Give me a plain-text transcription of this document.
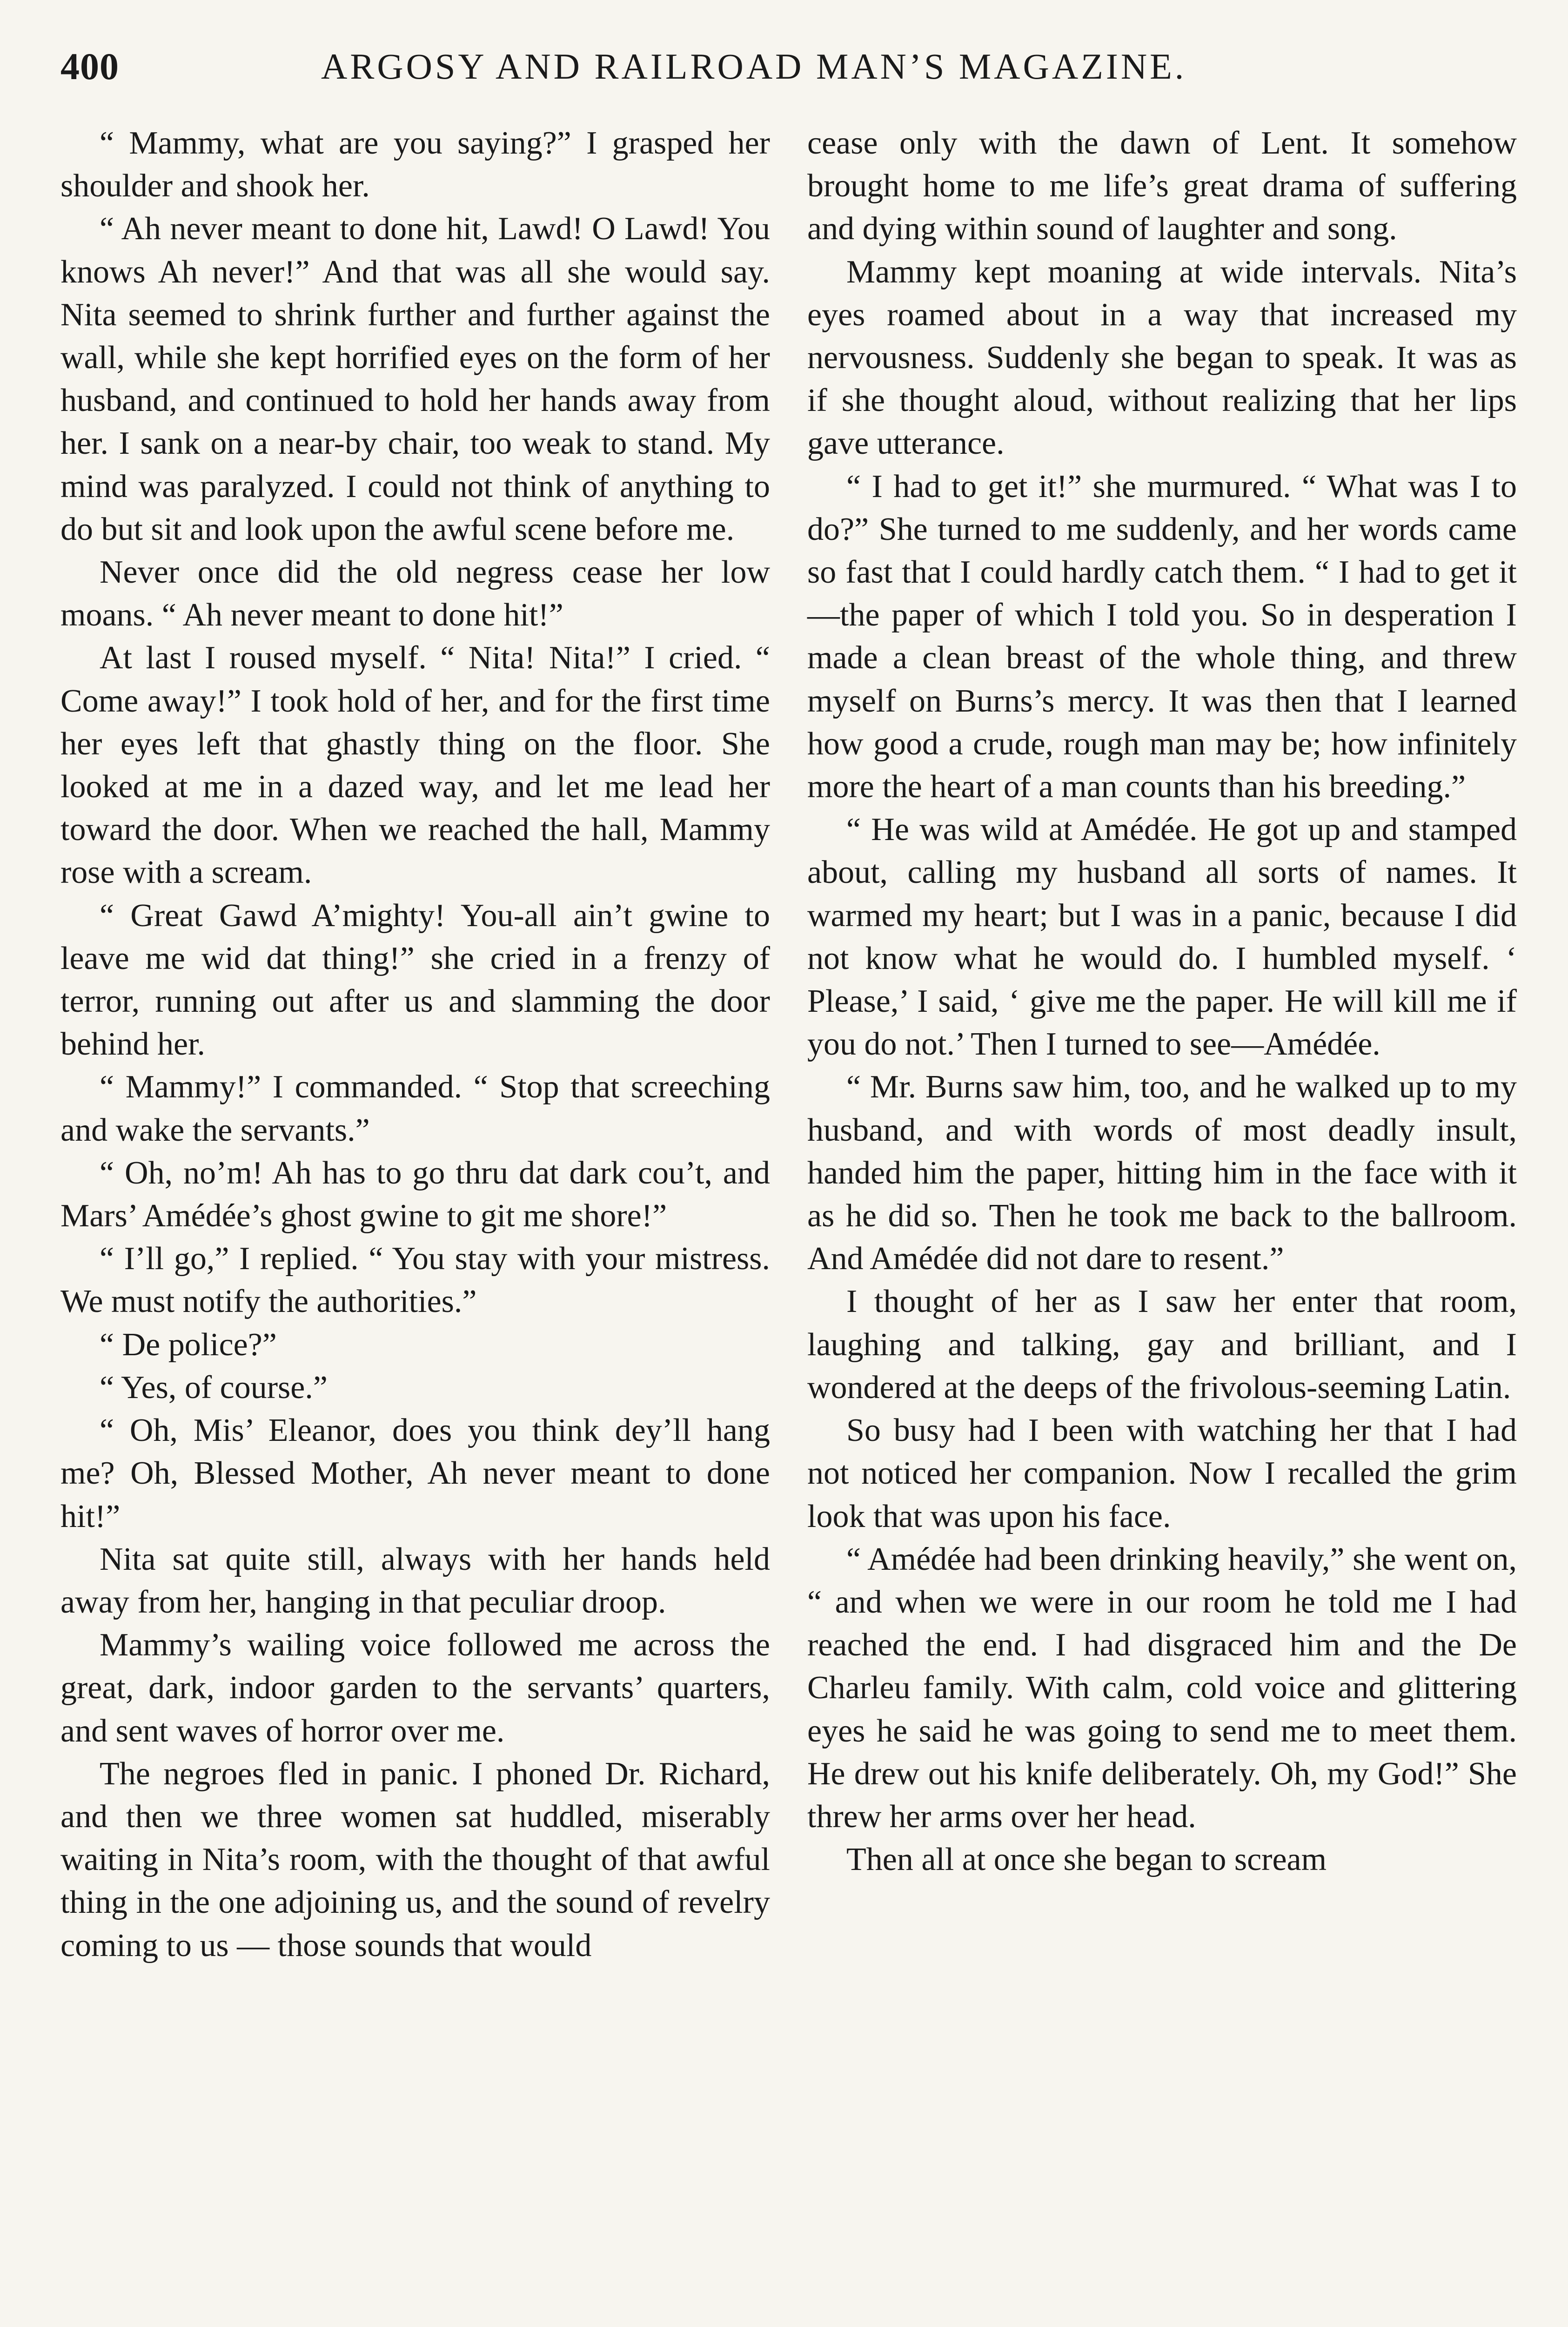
400	ARGOSY AND RAILROAD MAN’S MAGAZINE.

“ Mammy, what are you saying?” I grasped her shoulder and shook her.

“ Ah never meant to done hit, Lawd! O Lawd! You knows Ah never!” And that was all she would say. Nita seemed to shrink further and further against the wall, while she kept horrified eyes on the form of her husband, and continued to hold her hands away from her. I sank on a near-by chair, too weak to stand. My mind was paralyzed. I could not think of anything to do but sit and look upon the awful scene before me.

Never once did the old negress cease her low moans. “ Ah never meant to done hit!”

At last I roused myself. “ Nita! Nita!” I cried. “ Come away!” I took hold of her, and for the first time her eyes left that ghastly thing on the floor. She looked at me in a dazed way, and let me lead her toward the door. When we reached the hall, Mammy rose with a scream.

“ Great Gawd A’mighty! You-all ain’t gwine to leave me wid dat thing!” she cried in a frenzy of terror, running out after us and slamming the door behind her.

“ Mammy!” I commanded. “ Stop that screeching and wake the servants.”

“ Oh, no’m! Ah has to go thru dat dark cou’t, and Mars’ Amédée’s ghost gwine to git me shore!”

“ I’ll go,” I replied. “ You stay with your mistress. We must notify the authorities.”

“ De police?”

“ Yes, of course.”

“ Oh, Mis’ Eleanor, does you think dey’ll hang me? Oh, Blessed Mother, Ah never meant to done hit!”

Nita sat quite still, always with her hands held away from her, hanging in that peculiar droop.

Mammy’s wailing voice followed me across the great, dark, indoor garden to the servants’ quarters, and sent waves of horror over me.

The negroes fled in panic. I phoned Dr. Richard, and then we three women sat huddled, miserably waiting in Nita’s room, with the thought of that awful thing in the one adjoining us, and the sound of revelry coming to us — those sounds that would

cease only with the dawn of Lent. It somehow brought home to me life’s great drama of suffering and dying within sound of laughter and song.

Mammy kept moaning at wide intervals. Nita’s eyes roamed about in a way that increased my nervousness. Suddenly she began to speak. It was as if she thought aloud, without realizing that her lips gave utterance.

“ I had to get it!” she murmured. “ What was I to do?” She turned to me suddenly, and her words came so fast that I could hardly catch them. “ I had to get it—the paper of which I told you. So in desperation I made a clean breast of the whole thing, and threw myself on Burns’s mercy. It was then that I learned how good a crude, rough man may be; how infinitely more the heart of a man counts than his breeding.”

“ He was wild at Amédée. He got up and stamped about, calling my husband all sorts of names. It warmed my heart; but I was in a panic, because I did not know what he would do. I humbled myself. ‘ Please,’ I said, ‘ give me the paper. He will kill me if you do not.’ Then I turned to see—Amédée.

“ Mr. Burns saw him, too, and he walked up to my husband, and with words of most deadly insult, handed him the paper, hitting him in the face with it as he did so. Then he took me back to the ballroom. And Amédée did not dare to resent.”

I thought of her as I saw her enter that room, laughing and talking, gay and brilliant, and I wondered at the deeps of the frivolous-seeming Latin.

So busy had I been with watching her that I had not noticed her companion. Now I recalled the grim look that was upon his face.

“ Amédée had been drinking heavily,” she went on, “ and when we were in our room he told me I had reached the end. I had disgraced him and the De Charleu family. With calm, cold voice and glittering eyes he said he was going to send me to meet them. He drew out his knife deliberately. Oh, my God!” She threw her arms over her head.

Then all at once she began to scream
